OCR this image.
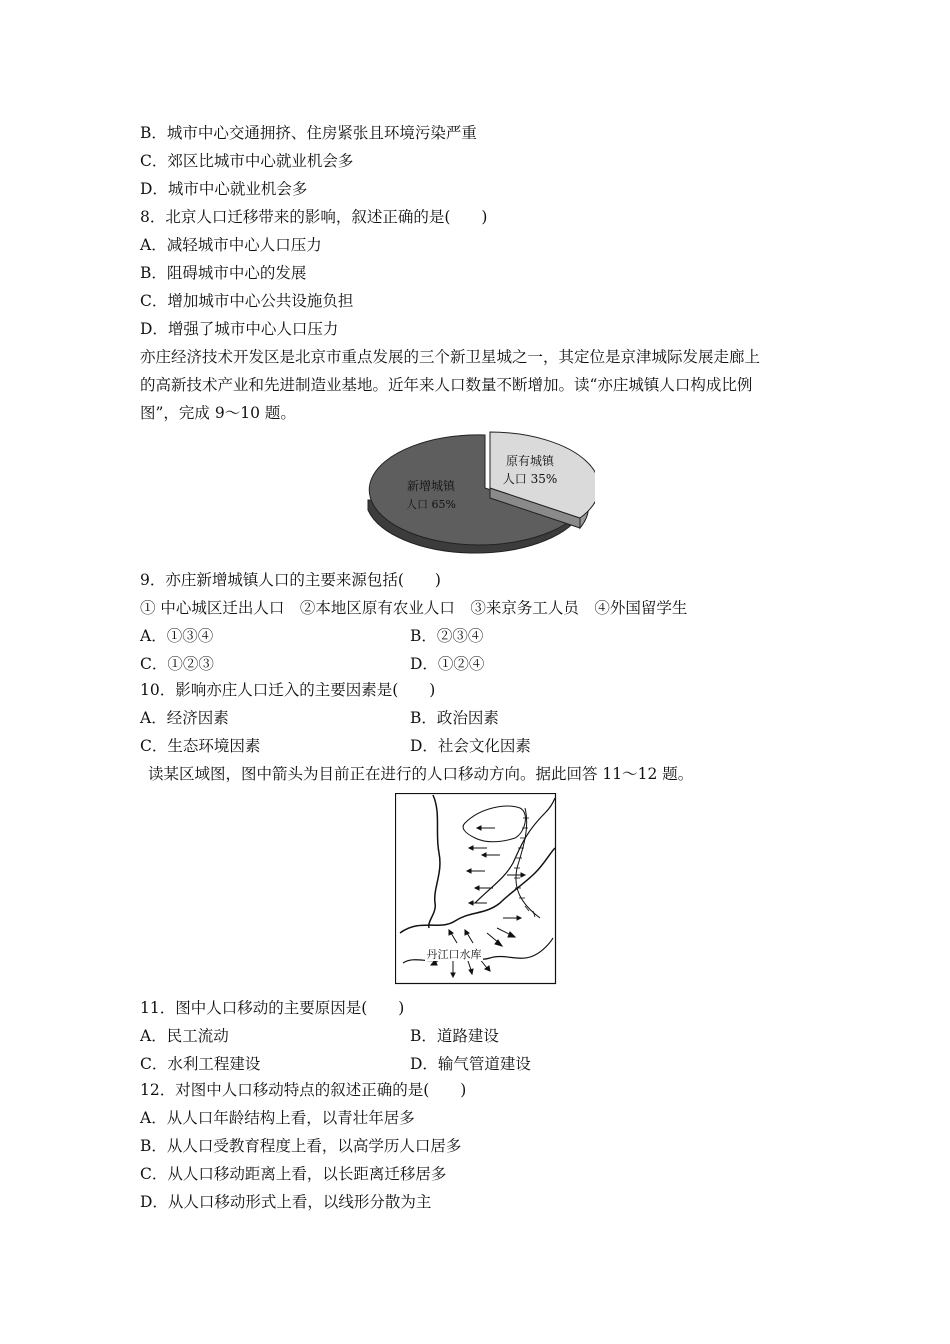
B．城市中心交通拥挤、住房紧张且环境污染严重
C．郊区比城市中心就业机会多
D．城市中心就业机会多
8．北京人口迁移带来的影响，叙述正确的是(　　)
A．减轻城市中心人口压力
B．阻碍城市中心的发展
C．增加城市中心公共设施负担
D．增强了城市中心人口压力
亦庄经济技术开发区是北京市重点发展的三个新卫星城之一，其定位是京津城际发展走廊上
的高新技术产业和先进制造业基地。近年来人口数量不断增加。读“亦庄城镇人口构成比例
图”，完成 9～10 题。
新增城镇
人口 65%
原有城镇
人口 35%
9．亦庄新增城镇人口的主要来源包括(　　)
① 中心城区迁出人口　②本地区原有农业人口　③来京务工人员　④外国留学生
A．①③④	B．②③④
C．①②③	D．①②④
10．影响亦庄人口迁入的主要因素是(　　)
A．经济因素	B．政治因素
C．生态环境因素	D．社会文化因素
读某区域图，图中箭头为目前正在进行的人口移动方向。据此回答 11～12 题。
丹江口水库
11．图中人口移动的主要原因是(　　)
A．民工流动	B．道路建设
C．水利工程建设	D．输气管道建设
12．对图中人口移动特点的叙述正确的是(　　)
A．从人口年龄结构上看，以青壮年居多
B．从人口受教育程度上看，以高学历人口居多
C．从人口移动距离上看，以长距离迁移居多
D．从人口移动形式上看，以线形分散为主
